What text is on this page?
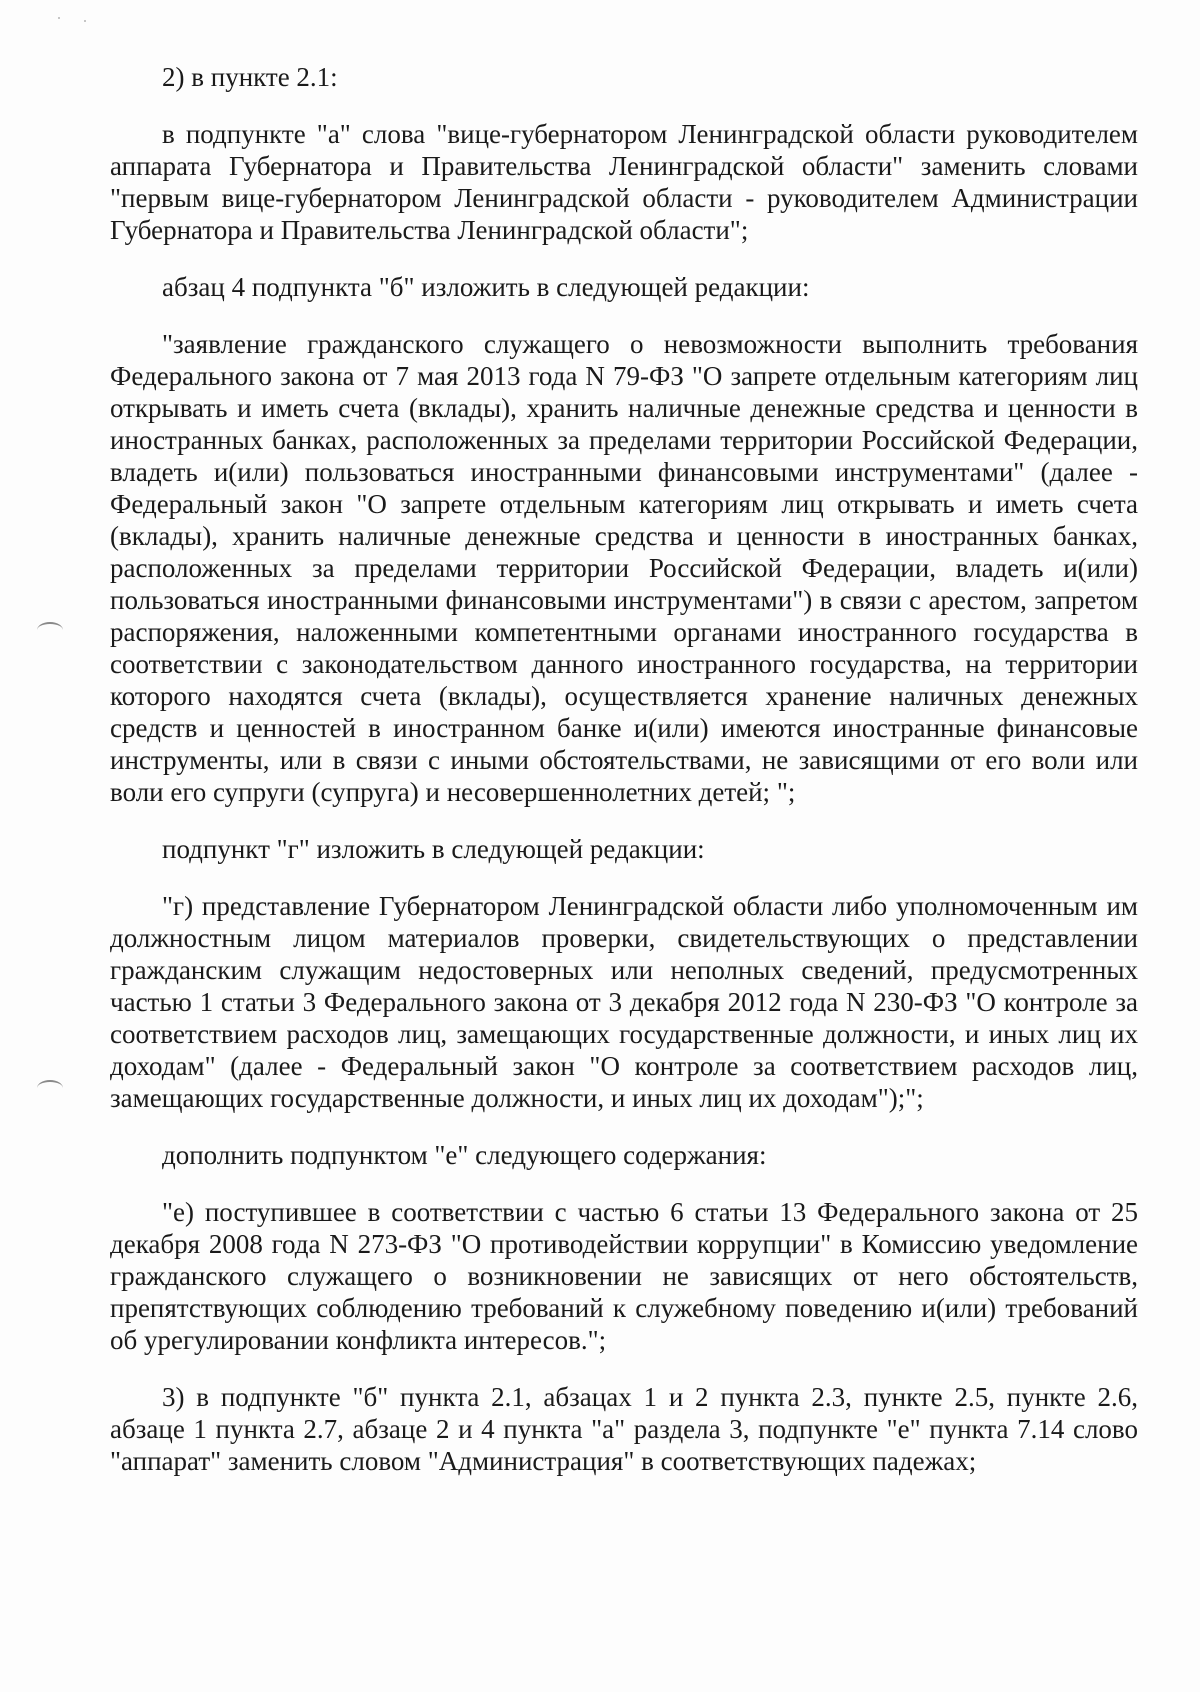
2) в пункте 2.1:

в подпункте "а" слова "вице-губернатором Ленинградской области руководителем аппарата Губернатора и Правительства Ленинградской области" заменить словами "первым вице-губернатором Ленинградской области - руководителем Администрации Губернатора и Правительства Ленинградской области";

абзац 4 подпункта "б" изложить в следующей редакции:

"заявление гражданского служащего о невозможности выполнить требования Федерального закона от 7 мая 2013 года N 79-ФЗ "О запрете отдельным категориям лиц открывать и иметь счета (вклады), хранить наличные денежные средства и ценности в иностранных банках, расположенных за пределами территории Российской Федерации, владеть и(или) пользоваться иностранными финансовыми инструментами" (далее - Федеральный закон "О запрете отдельным категориям лиц открывать и иметь счета (вклады), хранить наличные денежные средства и ценности в иностранных банках, расположенных за пределами территории Российской Федерации, владеть и(или) пользоваться иностранными финансовыми инструментами") в связи с арестом, запретом распоряжения, наложенными компетентными органами иностранного государства в соответствии с законодательством данного иностранного государства, на территории которого находятся счета (вклады), осуществляется хранение наличных денежных средств и ценностей в иностранном банке и(или) имеются иностранные финансовые инструменты, или в связи с иными обстоятельствами, не зависящими от его воли или воли его супруги (супруга) и несовершеннолетних детей; ";

подпункт "г" изложить в следующей редакции:

"г) представление Губернатором Ленинградской области либо уполномоченным им должностным лицом материалов проверки, свидетельствующих о представлении гражданским служащим недостоверных или неполных сведений, предусмотренных частью 1 статьи 3 Федерального закона от 3 декабря 2012 года N 230-ФЗ "О контроле за соответствием расходов лиц, замещающих государственные должности, и иных лиц их доходам" (далее - Федеральный закон "О контроле за соответствием расходов лиц, замещающих государственные должности, и иных лиц их доходам");";

дополнить подпунктом "е" следующего содержания:

"е) поступившее в соответствии с частью 6 статьи 13 Федерального закона от 25 декабря 2008 года N 273-ФЗ "О противодействии коррупции" в Комиссию уведомление гражданского служащего о возникновении не зависящих от него обстоятельств, препятствующих соблюдению требований к служебному поведению и(или) требований об урегулировании конфликта интересов.";

3) в подпункте "б" пункта 2.1, абзацах 1 и 2 пункта 2.3, пункте 2.5, пункте 2.6, абзаце 1 пункта 2.7, абзаце 2 и 4 пункта "а" раздела 3, подпункте "е" пункта 7.14 слово "аппарат" заменить словом "Администрация" в соответствующих падежах;
